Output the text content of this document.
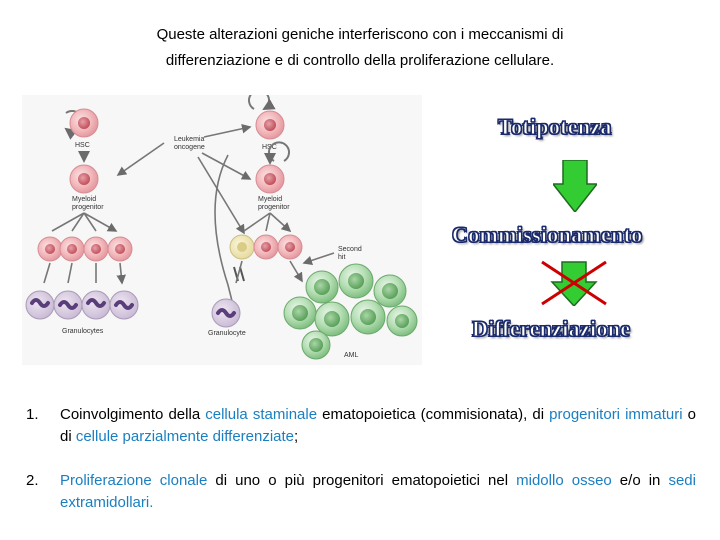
Queste alterazioni geniche interferiscono con i meccanismi di
differenziazione e di controllo della proliferazione cellulare.
HSC
Myeloid
progenitor
Granulocytes
Leukemia
oncogene	HSC
Myeloid
progenitor
Granulocyte
Second
hit
AML
Totipotenza
Commissionamento
Differenziazione
1. Coinvolgimento della cellula staminale ematopoietica (commisionata), di progenitori immaturi o di cellule parzialmente differenziate;
2. Proliferazione clonale di uno o più progenitori ematopoietici nel midollo osseo e/o in sedi extramidollari.
